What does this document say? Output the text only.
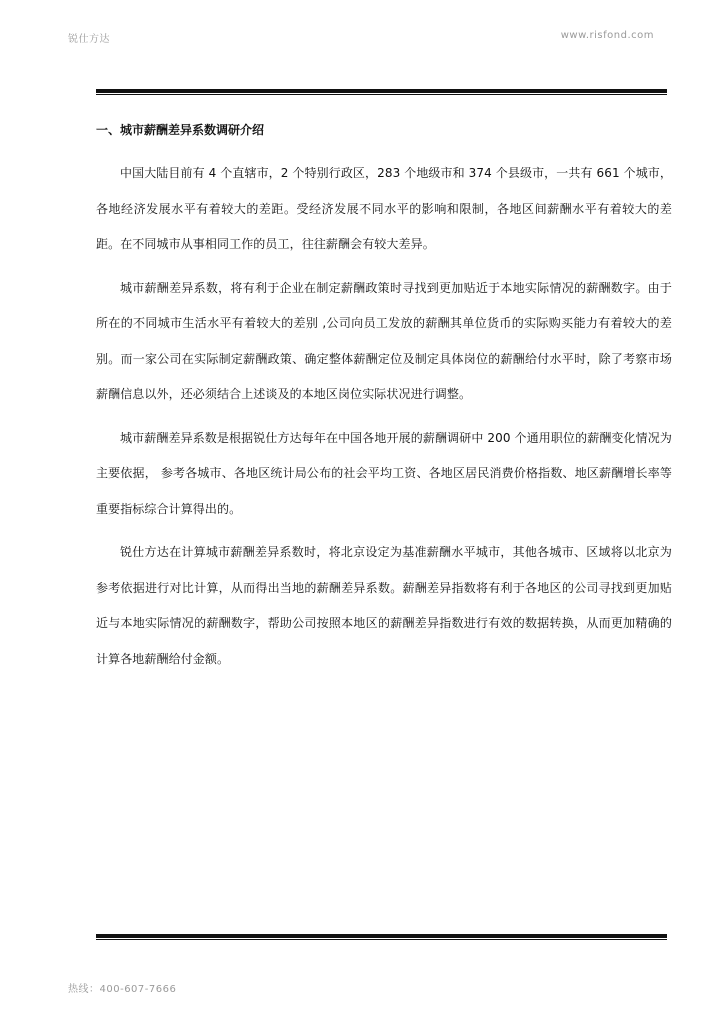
锐仕方达	www.risfond.com
一、城市薪酬差异系数调研介绍

中国大陆目前有 4 个直辖市，2 个特别行政区，283 个地级市和 374 个县级市，一共有 661 个城市，各地经济发展水平有着较大的差距。受经济发展不同水平的影响和限制，各地区间薪酬水平有着较大的差距。在不同城市从事相同工作的员工，往往薪酬会有较大差异。

城市薪酬差异系数，将有利于企业在制定薪酬政策时寻找到更加贴近于本地实际情况的薪酬数字。由于所在的不同城市生活水平有着较大的差别 ,公司向员工发放的薪酬其单位货币的实际购买能力有着较大的差别。而一家公司在实际制定薪酬政策、确定整体薪酬定位及制定具体岗位的薪酬给付水平时，除了考察市场薪酬信息以外，还必须结合上述谈及的本地区岗位实际状况进行调整。

城市薪酬差异系数是根据锐仕方达每年在中国各地开展的薪酬调研中 200 个通用职位的薪酬变化情况为主要依据， 参考各城市、各地区统计局公布的社会平均工资、各地区居民消费价格指数、地区薪酬增长率等重要指标综合计算得出的。

锐仕方达在计算城市薪酬差异系数时，将北京设定为基准薪酬水平城市，其他各城市、区域将以北京为参考依据进行对比计算，从而得出当地的薪酬差异系数。薪酬差异指数将有利于各地区的公司寻找到更加贴近与本地实际情况的薪酬数字，帮助公司按照本地区的薪酬差异指数进行有效的数据转换，从而更加精确的计算各地薪酬给付金额。

热线：400-607-7666
